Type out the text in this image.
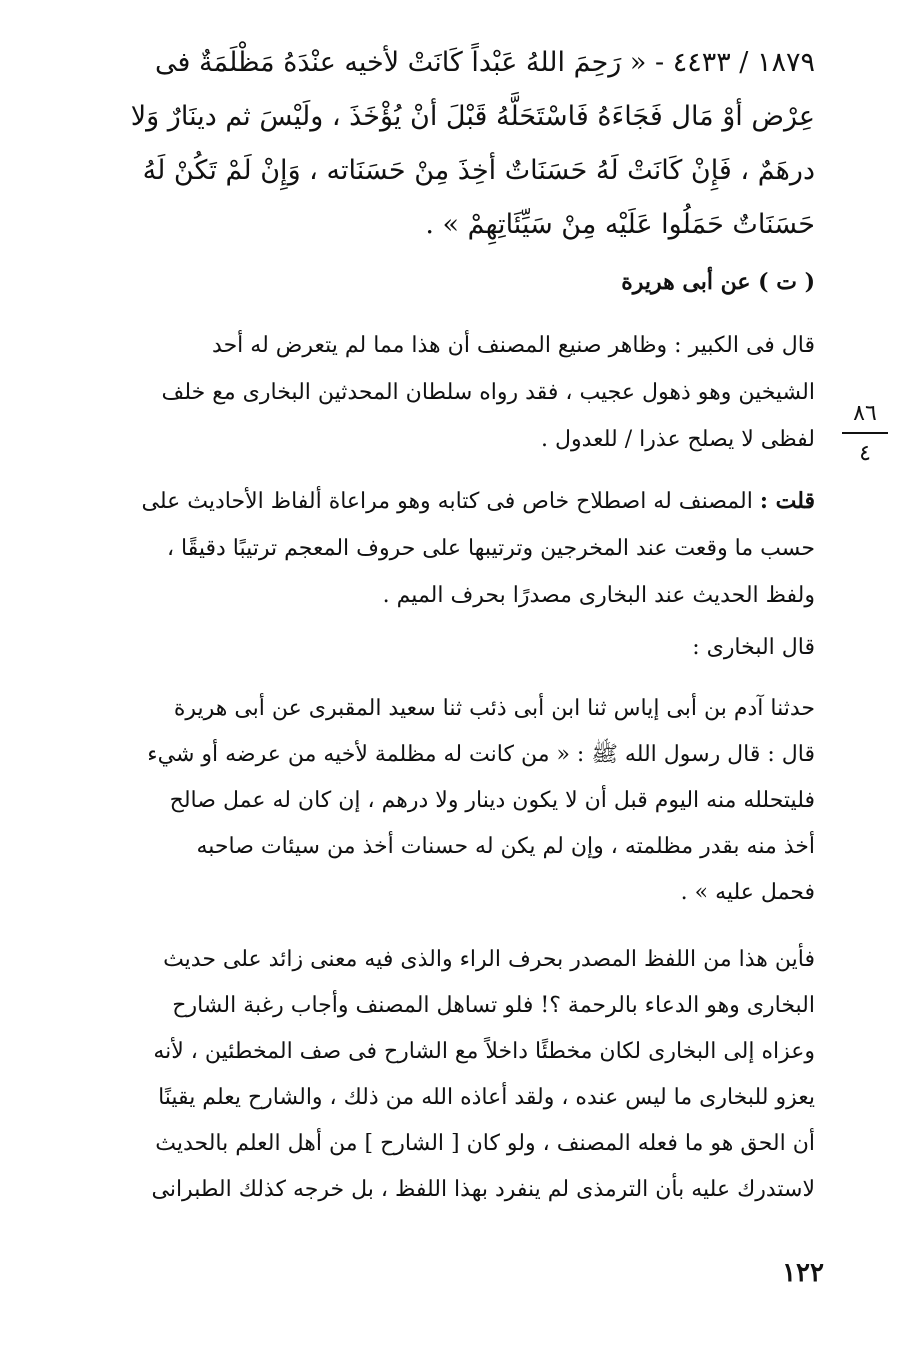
١٨٧٩ / ٤٤٣٣ - « رَحِمَ اللهُ عَبْداً كَانَتْ لأخيه عنْدَهُ مَظْلَمَةٌ فى
عِرْض أوْ مَال فَجَاءَهُ فَاسْتَحَلَّهُ قَبْلَ أنْ يُؤْخَذَ ، ولَيْسَ ثم دينَارٌ وَلا
درهَمٌ ، فَإِنْ كَانَتْ لَهُ حَسَنَاتٌ أخِذَ مِنْ حَسَنَاته ، وَإِنْ لَمْ تَكُنْ لَهُ
حَسَنَاتٌ حَمَلُوا عَلَيْه مِنْ سَيِّئَاتِهِمْ » .
( ت ) عن أبى هريرة
قال فى الكبير : وظاهر صنيع المصنف أن هذا مما لم يتعرض له أحد
الشيخين وهو ذهول عجيب ، فقد رواه سلطان المحدثين البخارى مع خلف
لفظى لا يصلح عذرا / للعدول .
٨٦
٤
قلت : المصنف له اصطلاح خاص فى كتابه وهو مراعاة ألفاظ الأحاديث على
حسب ما وقعت عند المخرجين وترتيبها على حروف المعجم ترتيبًا دقيقًا ،
ولفظ الحديث عند البخارى مصدرًا بحرف الميم .
قال البخارى :
حدثنا آدم بن أبى إياس ثنا ابن أبى ذئب ثنا سعيد المقبرى عن أبى هريرة
قال : قال رسول الله ﷺ : « من كانت له مظلمة لأخيه من عرضه أو شيء
فليتحلله منه اليوم قبل أن لا يكون دينار ولا درهم ، إن كان له عمل صالح
أخذ منه بقدر مظلمته ، وإن لم يكن له حسنات أخذ من سيئات صاحبه
فحمل عليه » .
فأين هذا من اللفظ المصدر بحرف الراء والذى فيه معنى زائد على حديث
البخارى وهو الدعاء بالرحمة ؟! فلو تساهل المصنف وأجاب رغبة الشارح
وعزاه إلى البخارى لكان مخطئًا داخلاً مع الشارح فى صف المخطئين ، لأنه
يعزو للبخارى ما ليس عنده ، ولقد أعاذه الله من ذلك ، والشارح يعلم يقينًا
أن الحق هو ما فعله المصنف ، ولو كان [ الشارح ] من أهل العلم بالحديث
لاستدرك عليه بأن الترمذى لم ينفرد بهذا اللفظ ، بل خرجه كذلك الطبرانى
١٢٢
